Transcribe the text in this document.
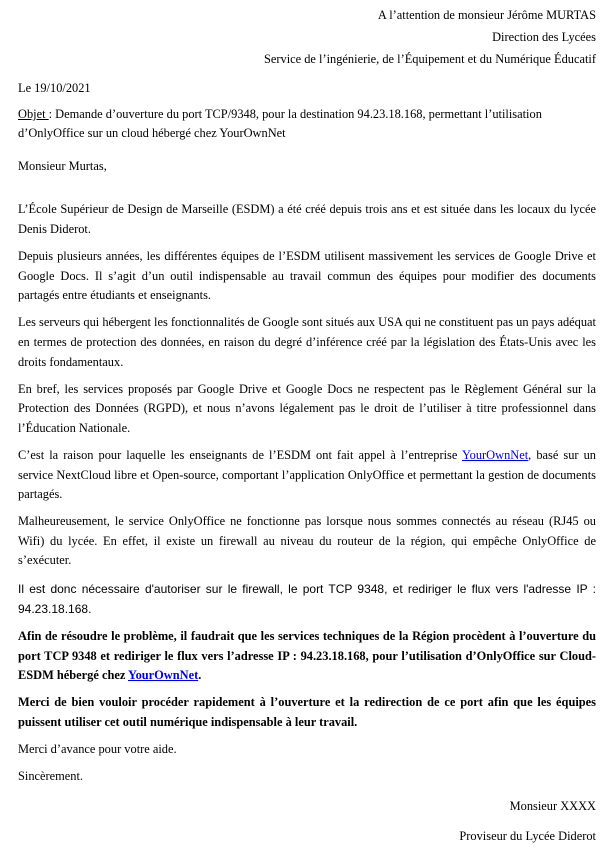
A l’attention de monsieur Jérôme MURTAS

Direction des Lycées

Service de l’ingénierie, de l’Équipement et du Numérique Éducatif

Le 19/10/2021

Objet : Demande d’ouverture du port TCP/9348, pour la destination 94.23.18.168, permettant l’utilisation d’OnlyOffice sur un cloud hébergé chez YourOwnNet

Monsieur Murtas,

L’École Supérieur de Design de Marseille (ESDM) a été créé depuis trois ans et est située dans les locaux du lycée Denis Diderot.

Depuis plusieurs années, les différentes équipes de l’ESDM utilisent massivement les services de Google Drive et Google Docs. Il s’agit d’un outil indispensable au travail commun des équipes pour modifier des documents partagés entre étudiants et enseignants.

Les serveurs qui hébergent les fonctionnalités de Google sont situés aux USA qui ne constituent pas un pays adéquat en termes de protection des données, en raison du degré d’inférence créé par la législation des États-Unis avec les droits fondamentaux.

En bref, les services proposés par Google Drive et Google Docs ne respectent pas le Règlement Général sur la Protection des Données (RGPD), et nous n’avons légalement pas le droit de l’utiliser à titre professionnel dans l’Éducation Nationale.

C’est la raison pour laquelle les enseignants de l’ESDM ont fait appel à l’entreprise YourOwnNet, basé sur un service NextCloud libre et Open-source, comportant l’application OnlyOffice et permettant la gestion de documents partagés.

Malheureusement, le service OnlyOffice ne fonctionne pas lorsque nous sommes connectés au réseau (RJ45 ou Wifi) du lycée. En effet, il existe un firewall au niveau du routeur de la région, qui empêche OnlyOffice de s’exécuter.

Il est donc nécessaire d'autoriser sur le firewall, le port TCP 9348, et rediriger le flux vers l'adresse IP : 94.23.18.168.

Afin de résoudre le problème, il faudrait que les services techniques de la Région procèdent à l’ouverture du port TCP 9348 et rediriger le flux vers l’adresse IP : 94.23.18.168, pour l’utilisation d’OnlyOffice sur Cloud-ESDM hébergé chez YourOwnNet.

Merci de bien vouloir procéder rapidement à l’ouverture et la redirection de ce port afin que les équipes puissent utiliser cet outil numérique indispensable à leur travail.

Merci d’avance pour votre aide.

Sincèrement.

Monsieur XXXX

Proviseur du Lycée Diderot
